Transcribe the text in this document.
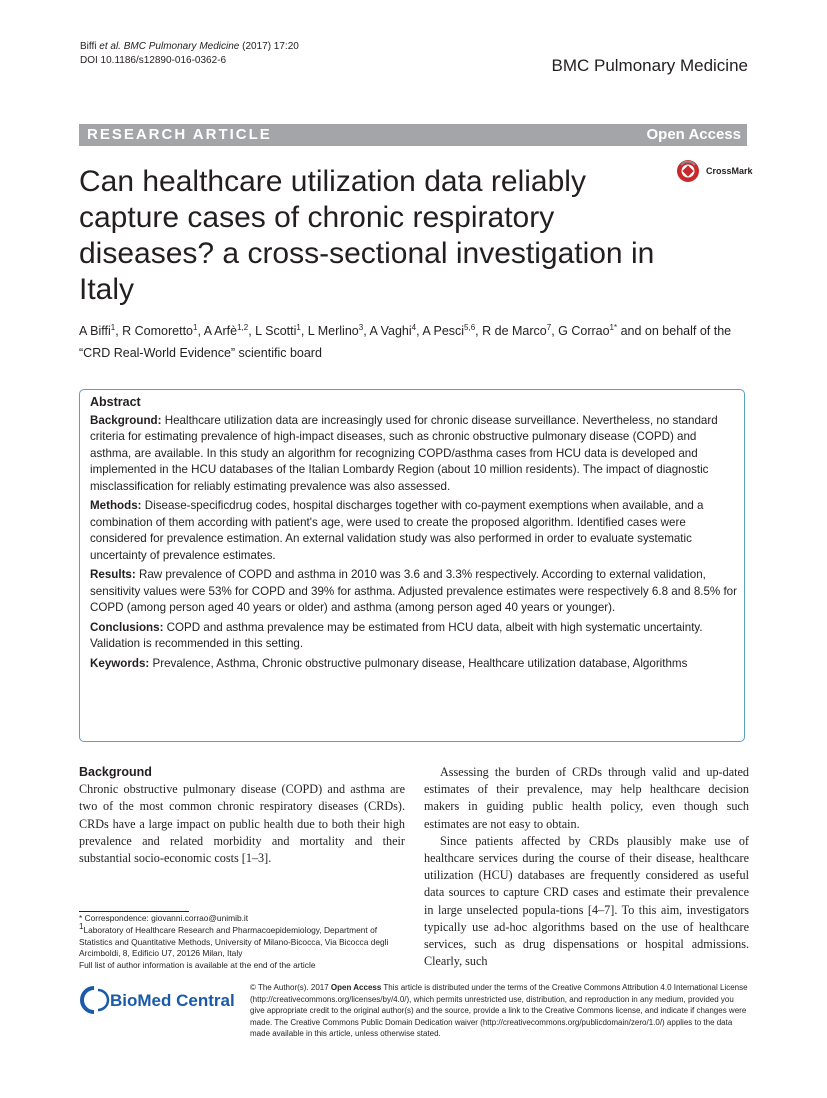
Biffi et al. BMC Pulmonary Medicine (2017) 17:20
DOI 10.1186/s12890-016-0362-6	BMC Pulmonary Medicine
RESEARCH ARTICLE	Open Access
CrossMark
Can healthcare utilization data reliably capture cases of chronic respiratory diseases? a cross-sectional investigation in Italy
A Biffi$^1$, R Comoretto$^1$, A Arfè$^{1,2}$, L Scotti$^1$, L Merlino$^3$, A Vaghi$^4$, A Pesci$^{5,6}$, R de Marco$^7$, G Corrao$^{1*}$ and on behalf of the “CRD Real-World Evidence” scientific board
Abstract

Background: Healthcare utilization data are increasingly used for chronic disease surveillance. Nevertheless, no standard criteria for estimating prevalence of high-impact diseases, such as chronic obstructive pulmonary disease (COPD) and asthma, are available. In this study an algorithm for recognizing COPD/asthma cases from HCU data is developed and implemented in the HCU databases of the Italian Lombardy Region (about 10 million residents). The impact of diagnostic misclassification for reliably estimating prevalence was also assessed.

Methods: Disease-specificdrug codes, hospital discharges together with co-payment exemptions when available, and a combination of them according with patient's age, were used to create the proposed algorithm. Identified cases were considered for prevalence estimation. An external validation study was also performed in order to evaluate systematic uncertainty of prevalence estimates.

Results: Raw prevalence of COPD and asthma in 2010 was 3.6 and 3.3% respectively. According to external validation, sensitivity values were 53% for COPD and 39% for asthma. Adjusted prevalence estimates were respectively 6.8 and 8.5% for COPD (among person aged 40 years or older) and asthma (among person aged 40 years or younger).

Conclusions: COPD and asthma prevalence may be estimated from HCU data, albeit with high systematic uncertainty. Validation is recommended in this setting.

Keywords: Prevalence, Asthma, Chronic obstructive pulmonary disease, Healthcare utilization database, Algorithms

Background

Chronic obstructive pulmonary disease (COPD) and asthma are two of the most common chronic respiratory diseases (CRDs). CRDs have a large impact on public health due to both their high prevalence and related morbidity and mortality and their substantial socio-economic costs [1–3].

Assessing the burden of CRDs through valid and up-dated estimates of their prevalence, may help healthcare decision makers in guiding public health policy, even though such estimates are not easy to obtain.

Since patients affected by CRDs plausibly make use of healthcare services during the course of their disease, healthcare utilization (HCU) databases are frequently considered as useful data sources to capture CRD cases and estimate their prevalence in large unselected popula-tions [4–7]. To this aim, investigators typically use ad-hoc algorithms based on the use of healthcare services, such as drug dispensations or hospital admissions. Clearly, such

* Correspondence: giovanni.corrao@unimib.it

$^1$Laboratory of Healthcare Research and Pharmacoepidemiology, Department of Statistics and Quantitative Methods, University of Milano-Bicocca, Via Bicocca degli Arcimboldi, 8, Edificio U7, 20126 Milan, Italy

Full list of author information is available at the end of the article

BioMed Central
© The Author(s). 2017 Open Access This article is distributed under the terms of the Creative Commons Attribution 4.0 International License (http://creativecommons.org/licenses/by/4.0/), which permits unrestricted use, distribution, and reproduction in any medium, provided you give appropriate credit to the original author(s) and the source, provide a link to the Creative Commons license, and indicate if changes were made. The Creative Commons Public Domain Dedication waiver (http://creativecommons.org/publicdomain/zero/1.0/) applies to the data made available in this article, unless otherwise stated.
